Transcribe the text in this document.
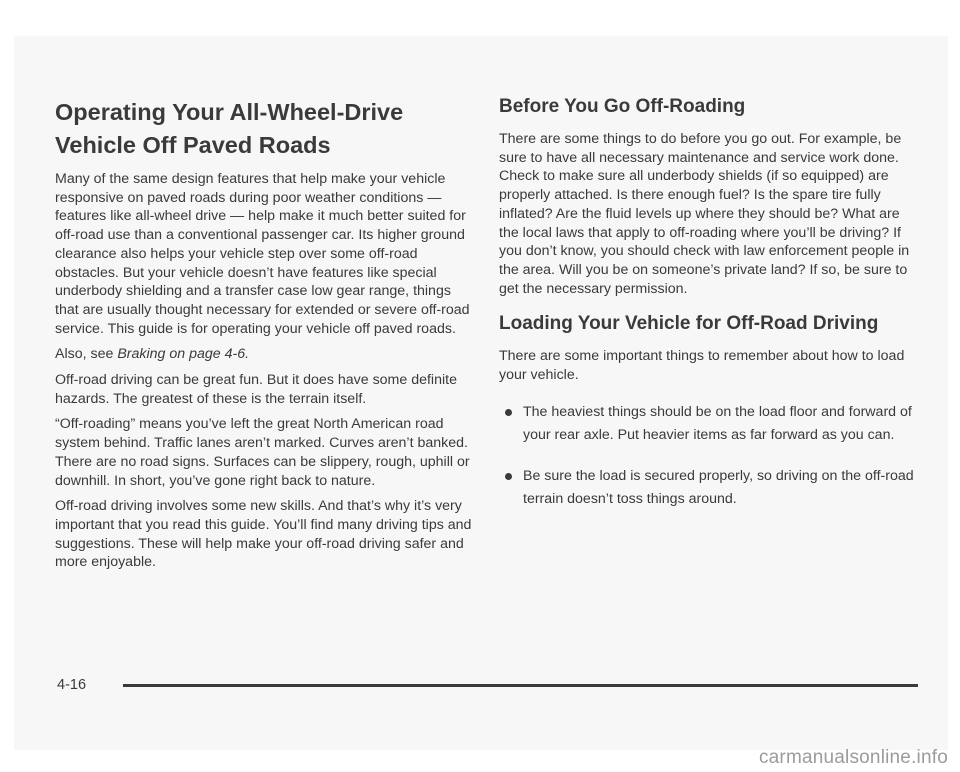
Operating Your All-Wheel-Drive Vehicle Off Paved Roads

Many of the same design features that help make your vehicle responsive on paved roads during poor weather conditions — features like all-wheel drive — help make it much better suited for off-road use than a conventional passenger car. Its higher ground clearance also helps your vehicle step over some off-road obstacles. But your vehicle doesn’t have features like special underbody shielding and a transfer case low gear range, things that are usually thought necessary for extended or severe off-road service. This guide is for operating your vehicle off paved roads.

Also, see Braking on page 4-6.

Off-road driving can be great fun. But it does have some definite hazards. The greatest of these is the terrain itself.

“Off-roading” means you’ve left the great North American road system behind. Traffic lanes aren’t marked. Curves aren’t banked. There are no road signs. Surfaces can be slippery, rough, uphill or downhill. In short, you’ve gone right back to nature.

Off-road driving involves some new skills. And that’s why it’s very important that you read this guide. You’ll find many driving tips and suggestions. These will help make your off-road driving safer and more enjoyable.

Before You Go Off-Roading

There are some things to do before you go out. For example, be sure to have all necessary maintenance and service work done. Check to make sure all underbody shields (if so equipped) are properly attached. Is there enough fuel? Is the spare tire fully inflated? Are the fluid levels up where they should be? What are the local laws that apply to off-roading where you’ll be driving? If you don’t know, you should check with law enforcement people in the area. Will you be on someone’s private land? If so, be sure to get the necessary permission.

Loading Your Vehicle for Off-Road Driving

There are some important things to remember about how to load your vehicle.

The heaviest things should be on the load floor and forward of your rear axle. Put heavier items as far forward as you can.
Be sure the load is secured properly, so driving on the off-road terrain doesn’t toss things around.
4-16
carmanualsonline.info
